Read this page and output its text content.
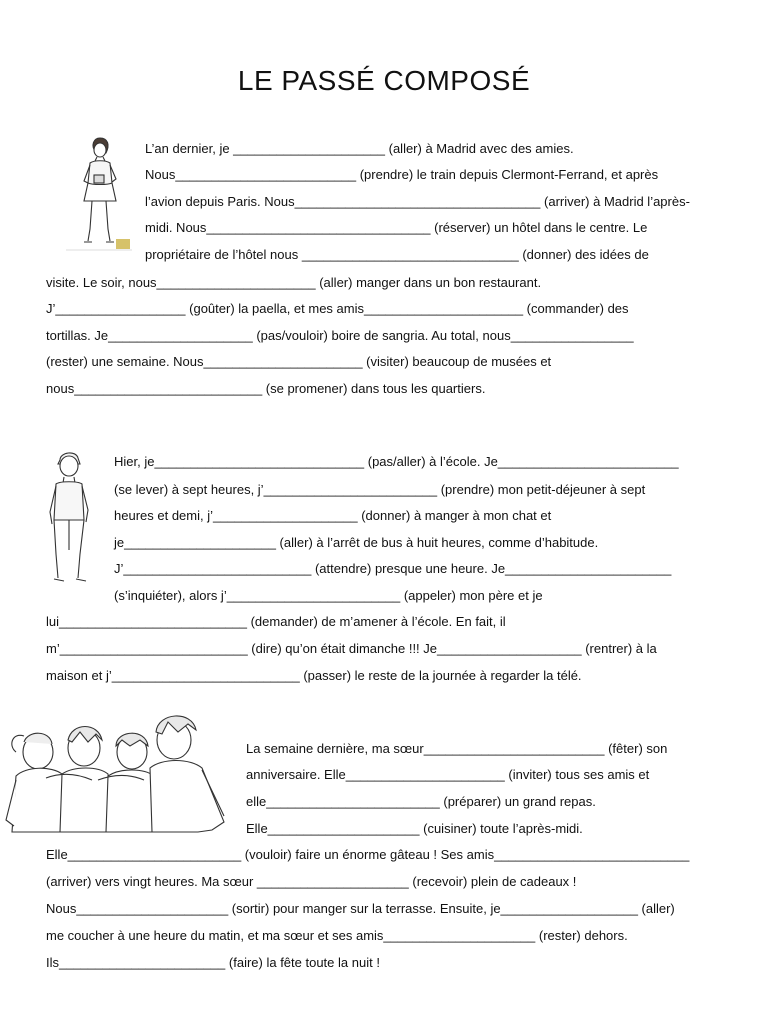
LE PASSÉ COMPOSÉ
L’an dernier, je _____________________ (aller) à Madrid avec des amies.
Nous_________________________ (prendre) le train depuis Clermont-Ferrand, et après
l’avion depuis Paris. Nous__________________________________ (arriver) à Madrid l’après-
midi. Nous_______________________________ (réserver) un hôtel dans le centre. Le
propriétaire de l’hôtel nous ______________________________ (donner) des idées de
visite. Le soir, nous______________________ (aller) manger dans un bon restaurant.
J’__________________ (goûter) la paella, et mes amis______________________ (commander) des
tortillas. Je____________________ (pas/vouloir) boire de sangria. Au total, nous_________________
(rester) une semaine. Nous______________________ (visiter) beaucoup de musées et
nous__________________________ (se promener) dans tous les quartiers.
Hier, je_____________________________ (pas/aller) à l’école. Je_________________________
(se lever) à sept heures, j’________________________ (prendre) mon petit-déjeuner à sept
heures et demi, j’____________________ (donner) à manger à mon chat et
je_____________________ (aller) à l’arrêt de bus à huit heures, comme d’habitude.
J’__________________________ (attendre) presque une heure. Je_______________________
(s’inquiéter), alors j’________________________ (appeler) mon père et je
lui__________________________ (demander) de m’amener à l’école. En fait, il
m’__________________________ (dire) qu’on était dimanche !!! Je____________________ (rentrer) à la
maison et j’__________________________ (passer) le reste de la journée à regarder la télé.
La semaine dernière, ma sœur_________________________ (fêter) son
anniversaire. Elle______________________ (inviter) tous ses amis et
elle________________________ (préparer) un grand repas.
Elle_____________________ (cuisiner) toute l’après-midi.
Elle________________________ (vouloir) faire un énorme gâteau ! Ses amis___________________________
(arriver) vers vingt heures. Ma sœur _____________________ (recevoir) plein de cadeaux !
Nous_____________________ (sortir) pour manger sur la terrasse. Ensuite, je___________________ (aller)
me coucher à une heure du matin, et ma sœur et ses amis_____________________ (rester) dehors.
Ils_______________________ (faire) la fête toute la nuit !
